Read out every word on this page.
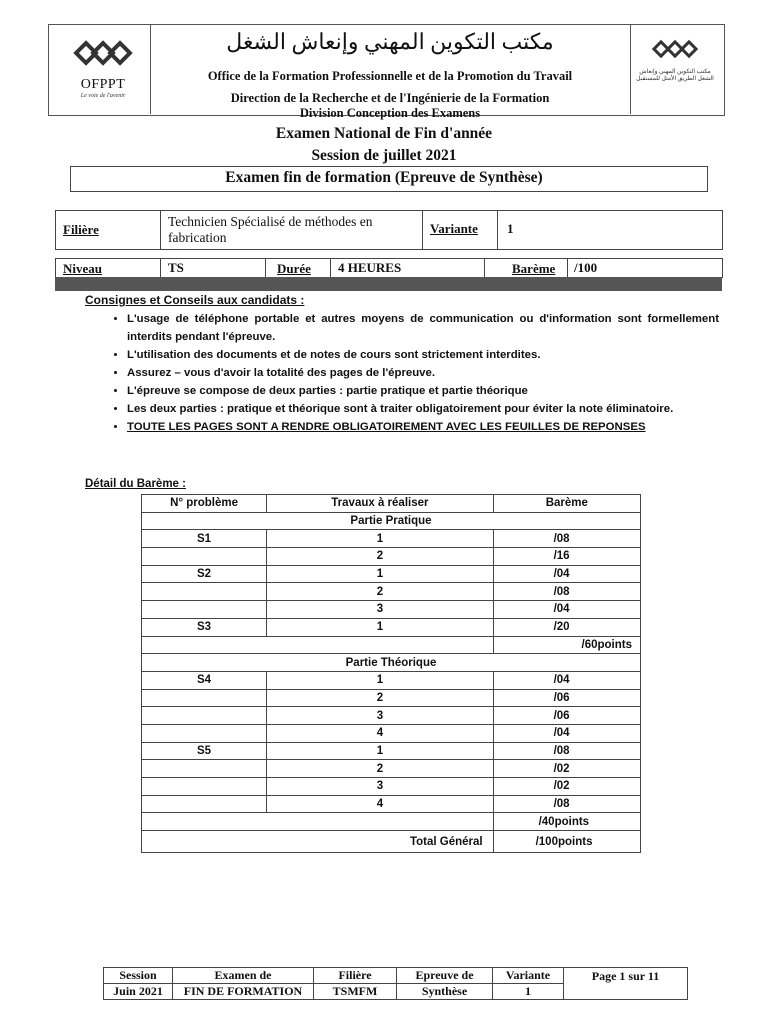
OFPPT
Le voie de l'avenir
مكتب التكوين المهني وإنعاش الشغل الطريق الأمثل للمستقبل
مكتب التكوين المهني وإنعاش الشغل
Office de la Formation Professionnelle et de la Promotion du Travail
Direction de la Recherche et de l'Ingénierie de la Formation
Division Conception des Examens
Examen National de Fin d'année
Session de juillet 2021
Examen fin de formation (Epreuve de Synthèse)
Filière
Technicien Spécialisé de méthodes en fabrication
Variante 1
Niveau	TS	Durée 4 HEURES	Barème /100
Consignes et Conseils aux candidats :
• L'usage de téléphone portable et autres moyens de communication ou d'information sont formellement interdits pendant l'épreuve.
• L'utilisation des documents et de notes de cours sont strictement interdites.
• Assurez – vous d'avoir la totalité des pages de l'épreuve.
• L'épreuve se compose de deux parties : partie pratique et partie théorique
• Les deux parties : pratique et théorique sont à traiter obligatoirement pour éviter la note éliminatoire.
• TOUTE LES PAGES SONT A RENDRE OBLIGATOIREMENT AVEC LES FEUILLES DE REPONSES
Détail du Barème :
N° problème	Travaux à réaliser	Barème
Partie Pratique		
S1	1	/08
	2	/16
S2	1	/04
	2	/08
	3	/04
S3	1	/20
		/60points
Partie Théorique		
S4	1	/04
	2	/06
	3	/06
	4	/04
S5	1	/08
	2	/02
	3	/02
	4	/08
		/40points
Total Général		/100points
Session	Examen de	Filière	Epreuve de	Variante	Page 1 sur 11
Juin 2021	FIN DE FORMATION	TSMFM	Synthèse	1	
